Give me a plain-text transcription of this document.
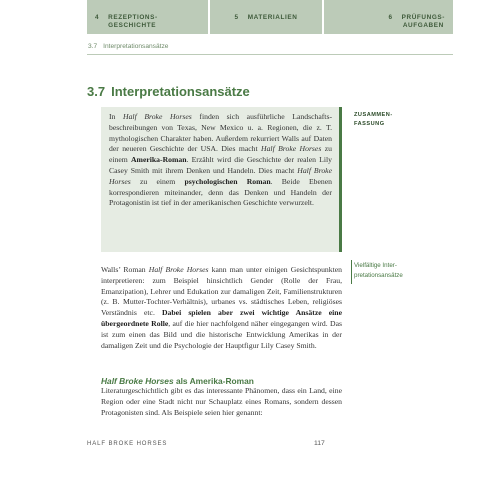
4 REZEPTIONS-
GESCHICHTE
5 MATERIALIEN	6 PRÜFUNGS-
AUFGABEN
3.7 Interpretationsansätze
3.7 Interpretationsansätze
ZUSAMMEN-
FASSUNG
In Half Broke Horses finden sich ausführliche Landschaftsbeschreibungen von Texas, New Mexico u. a. Regionen, die z. T. mythologischen Charakter haben. Außerdem rekurriert Walls auf Daten der neueren Geschichte der USA. Dies macht Half Broke Horses zu einem Amerika-Roman. Erzählt wird die Geschichte der realen Lily Casey Smith mit ihrem Denken und Handeln. Dies macht Half Broke Horses zu einem psychologischen Roman. Beide Ebenen korrespondieren miteinander, denn das Denken und Handeln der Protagonistin ist tief in der amerikanischen Geschichte verwurzelt.
Vielfältige Inter-
pretationsansätze
Walls’ Roman Half Broke Horses kann man unter einigen Gesichtspunkten interpretieren: zum Beispiel hinsichtlich Gender (Rolle der Frau, Emanzipation), Lehrer und Edukation zur damaligen Zeit, Familienstrukturen (z. B. Mutter-Tochter-Verhältnis), urbanes vs. städtisches Leben, religiöses Verständnis etc. Dabei spielen aber zwei wichtige Ansätze eine übergeordnete Rolle, auf die hier nachfolgend näher eingegangen wird. Das ist zum einen das Bild und die historische Entwicklung Amerikas in der damaligen Zeit und die Psychologie der Hauptfigur Lily Casey Smith.
Half Broke Horses als Amerika-Roman
Literaturgeschichtlich gibt es das interessante Phänomen, dass ein Land, eine Region oder eine Stadt nicht nur Schauplatz eines Romans, sondern dessen Protagonisten sind. Als Beispiele seien hier genannt:
HALF BROKE HORSES	117
